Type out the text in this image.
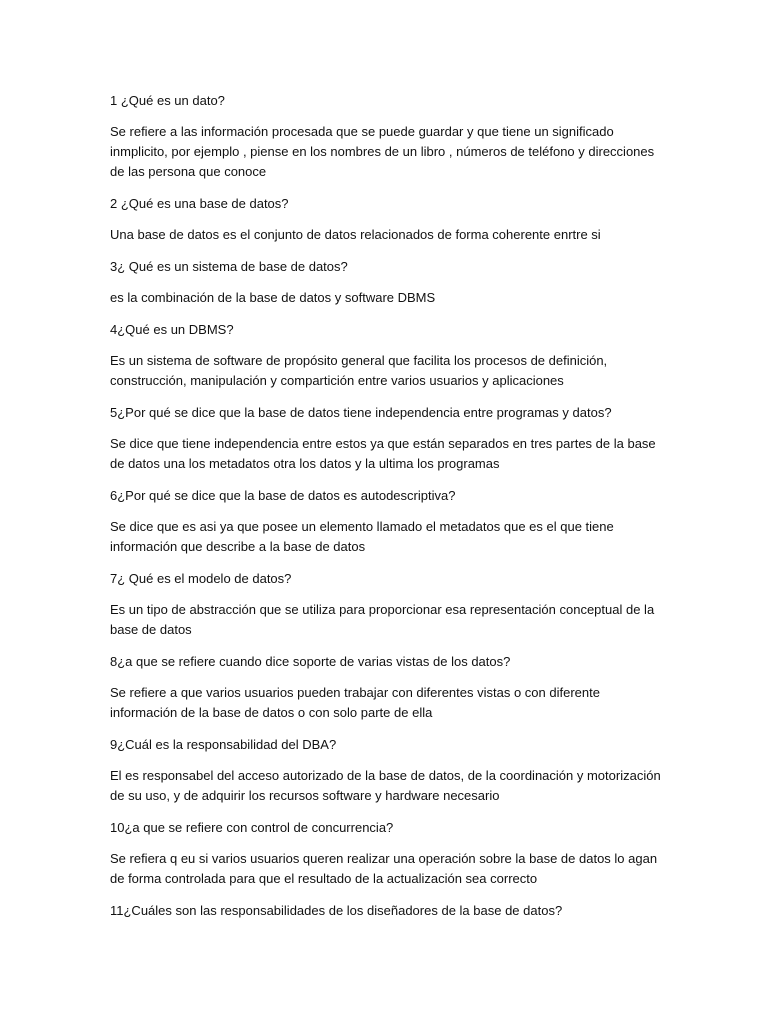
1 ¿Qué es un dato?

Se refiere a las información procesada que se puede guardar y que tiene un significado inmplicito, por ejemplo , piense en los nombres de un libro , números de teléfono y direcciones de las persona que conoce

2 ¿Qué es una base de datos?

Una base de datos es el conjunto de datos relacionados de forma coherente enrtre si

3¿ Qué es un sistema de base de datos?

es la combinación de la base de datos y software DBMS

4¿Qué es un DBMS?

Es un sistema de software de propósito general que facilita los procesos de definición, construcción, manipulación y compartición entre varios usuarios y aplicaciones

5¿Por qué se dice que la base de datos tiene independencia entre programas y datos?

Se dice que tiene independencia entre estos ya que están separados en tres partes de la base de datos una los metadatos otra los datos y la ultima los programas

6¿Por qué se dice que la base de datos es autodescriptiva?

Se dice que es asi ya que posee un elemento llamado el metadatos que es el que tiene información que describe a la base de datos

7¿ Qué es el modelo de datos?

Es un tipo de abstracción que se utiliza para proporcionar esa representación conceptual de la base de datos

8¿a que se refiere cuando dice soporte de varias vistas de los datos?

Se refiere a que varios usuarios pueden trabajar con diferentes vistas o con diferente información de la base de datos o con solo parte de ella

9¿Cuál es la responsabilidad del DBA?

El es responsabel del acceso autorizado de la base de datos, de la coordinación y motorización de su uso, y de adquirir los recursos software y hardware necesario

10¿a que se refiere con control de concurrencia?

Se refiera q eu si varios usuarios queren realizar una operación sobre la base de datos lo agan de forma controlada para que el resultado de la actualización sea correcto

11¿Cuáles son las responsabilidades de los diseñadores de la base de datos?
